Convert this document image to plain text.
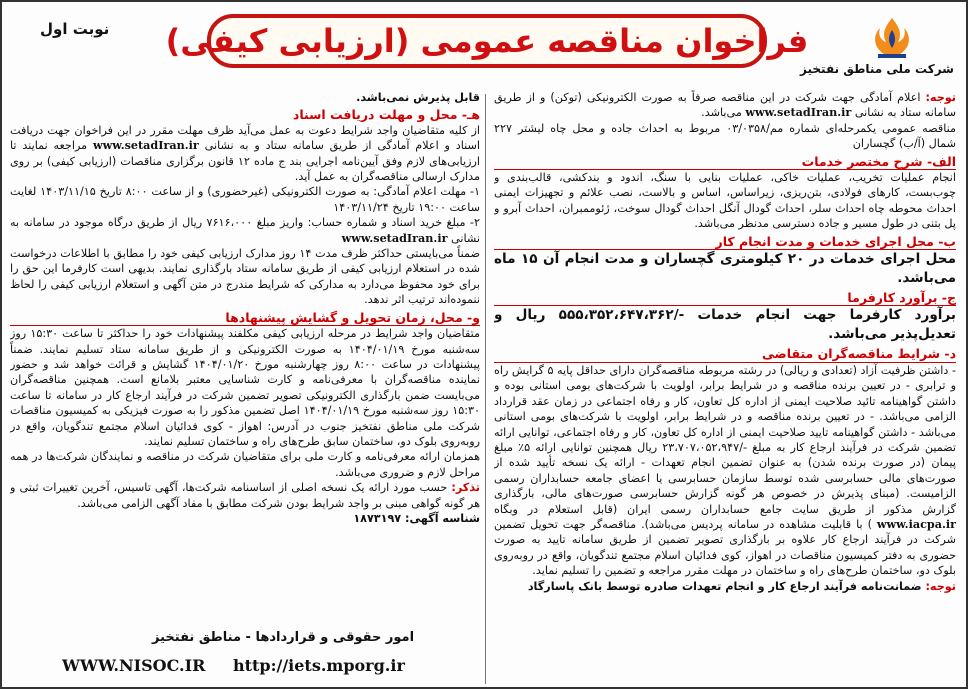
نوبت اول فراخوان مناقصه عمومی (ارزیابی کیفی)
شرکت ملی مناطق نفتخیز

توجه: اعلام آمادگی جهت شرکت در این مناقصه صرفاً به صورت الکترونیکی (توکن) و از طریق سامانه ستاد به نشانی www.setadIran.ir می‌باشد.

مناقصه عمومی یکمرحله‌ای شماره مم/۰۳/۰۳۵۸ مربوط به احداث جاده و محل چاه لیشتر ۲۲۷ شمال (آ/ب) گچساران

الف- شرح مختصر خدمات

انجام عملیات تخریب، عملیات خاکی، عملیات بنایی با سنگ، اندود و بندکشی، قالب‌بندی و چوب‌بست، کارهای فولادی، بتن‌ریزی، زیراساس، اساس و بالاست، نصب علائم و تجهیزات ایمنی احداث محوطه چاه احداث سلر، احداث گودال آنگل احداث گودال سوخت، ژئوممبران، احداث آبرو و پل بتنی در طول مسیر و جاده دسترسی مدنظر می‌باشد.

ب- محل اجرای خدمات و مدت انجام کار
محل اجرای خدمات در ۲۰ کیلومتری گچساران و مدت انجام آن ۱۵ ماه می‌باشد.
ج- برآورد کارفرما
برآورد کارفرما جهت انجام خدمات -/۵۵۵،۳۵۲،۶۴۷،۳۶۲ ریال و تعدیل‌پذیر می‌باشد.
د- شرایط مناقصه‌گران متقاضی

- داشتن ظرفیت آزاد (تعدادی و ریالی) در رشته مربوطه مناقصه‌گران دارای حداقل پایه ۵ گرایش راه و ترابری - در تعیین برنده مناقصه و در شرایط برابر، اولویت با شرکت‌های بومی استانی بوده و داشتن گواهینامه تائید صلاحیت ایمنی از اداره کل تعاون، کار و رفاه اجتماعی در زمان عقد قرارداد الزامی می‌باشد. - در تعیین برنده مناقصه و در شرایط برابر، اولویت با شرکت‌های بومی استانی می‌باشد - داشتن گواهینامه تایید صلاحیت ایمنی از اداره کل تعاون، کار و رفاه اجتماعی، توانایی ارائه تضمین شرکت در فرآیند ارجاع کار به مبلغ -/۲۳،۷۰۷،۰۵۲،۹۴۷ ریال همچنین توانایی ارائه ۵٪ مبلغ پیمان (در صورت برنده شدن) به عنوان تضمین انجام تعهدات - ارائه یک نسخه تأیید شده از صورت‌های مالی حسابرسی شده توسط سازمان حسابرسی یا اعضای جامعه حسابداران رسمی الزامیست. (مبنای پذیرش در خصوص هر گونه گزارش حسابرسی صورت‌های مالی، بارگذاری گزارش مذکور از طریق سایت جامع حسابداران رسمی ایران (قابل استعلام در وبگاه www.iacpa.ir ) با قابلیت مشاهده در سامانه پردیس می‌باشد). مناقصه‌گر جهت تحویل تضمین شرکت در فرآیند ارجاع کار علاوه بر بارگذاری تصویر تضمین از طریق سامانه تایید به صورت حضوری به دفتر کمیسیون مناقصات در اهواز، کوی فدائیان اسلام مجتمع تندگویان، واقع در روبه‌روی بلوک دو، ساختمان طرح‌های راه و ساختمان در مهلت مقرر مراجعه و تضمین را تسلیم نماید.

توجه: ضمانت‌نامه فرآیند ارجاع کار و انجام تعهدات صادره توسط بانک پاسارگاد

قابل پذیرش نمی‌باشد.

هـ- محل و مهلت دریافت اسناد

از کلیه متقاضیان واجد شرایط دعوت به عمل می‌آید ظرف مهلت مقرر در این فراخوان جهت دریافت اسناد و اعلام آمادگی از طریق سامانه ستاد و به نشانی www.setadIran.ir مراجعه نمایند تا ارزیابی‌های لازم وفق آیین‌نامه اجرایی بند ج ماده ۱۲ قانون برگزاری مناقصات (ارزیابی کیفی) بر روی مدارک ارسالی مناقصه‌گران به عمل آید.

۱- مهلت اعلام آمادگی: به صورت الکترونیکی (غیرحضوری) و از ساعت ۸:۰۰ تاریخ ۱۴۰۳/۱۱/۱۵ لغایت ساعت ۱۹:۰۰ تاریخ ۱۴۰۳/۱۱/۲۴

۲- مبلغ خرید اسناد و شماره حساب: واریز مبلغ ۷۶۱۶،۰۰۰ ریال از طریق درگاه موجود در سامانه به نشانی www.setadIran.ir

ضمناً می‌بایستی حداکثر ظرف مدت ۱۴ روز مدارک ارزیابی کیفی خود را مطابق با اطلاعات درخواست شده در استعلام ارزیابی کیفی از طریق سامانه ستاد بارگذاری نمایند. بدیهی است کارفرما این حق را برای خود محفوظ می‌دارد به مدارکی که شرایط مندرج در متن آگهی و استعلام ارزیابی کیفی را لحاظ ننموده‌اند ترتیب اثر ندهد.

و- محل، زمان تحویل و گشایش پیشنهادها

متقاضیان واجد شرایط در مرحله ارزیابی کیفی مکلفند پیشنهادات خود را حداکثر تا ساعت ۱۵:۳۰ روز سه‌شنبه مورخ ۱۴۰۴/۰۱/۱۹ به صورت الکترونیکی و از طریق سامانه ستاد تسلیم نمایند. ضمناً پیشنهادات در ساعت ۸:۰۰ روز چهارشنبه مورخ ۱۴۰۴/۰۱/۲۰ گشایش و قرائت خواهد شد و حضور نماینده مناقصه‌گران با معرفی‌نامه و کارت شناسایی معتبر بلامانع است. همچنین مناقصه‌گران می‌بایست ضمن بارگذاری الکترونیکی تصویر تضمین شرکت در فرآیند ارجاع کار در سامانه تا ساعت ۱۵:۳۰ روز سه‌شنبه مورخ ۱۴۰۴/۰۱/۱۹ اصل تضمین مذکور را به صورت فیزیکی به کمیسیون مناقصات شرکت ملی مناطق نفتخیز جنوب در آدرس: اهواز - کوی فدائیان اسلام مجتمع تندگویان، واقع در روبه‌روی بلوک دو، ساختمان سابق طرح‌های راه و ساختمان تسلیم نمایند.

همزمان ارائه معرفی‌نامه و کارت ملی برای متقاضیان شرکت در مناقصه و نمایندگان شرکت‌ها در همه مراحل لازم و ضروری می‌باشد.

تذکر: حسب مورد ارائه یک نسخه اصلی از اساسنامه شرکت‌ها، آگهی تاسیس، آخرین تغییرات ثبتی و هر گونه گواهی مبنی بر واجد شرایط بودن شرکت مطابق با مفاد آگهی الزامی می‌باشد.

شناسه آگهی: ۱۸۷۳۱۹۷

امور حقوقی و قراردادها - مناطق نفتخیز
WWW.NISOC.IR http://iets.mporg.ir
